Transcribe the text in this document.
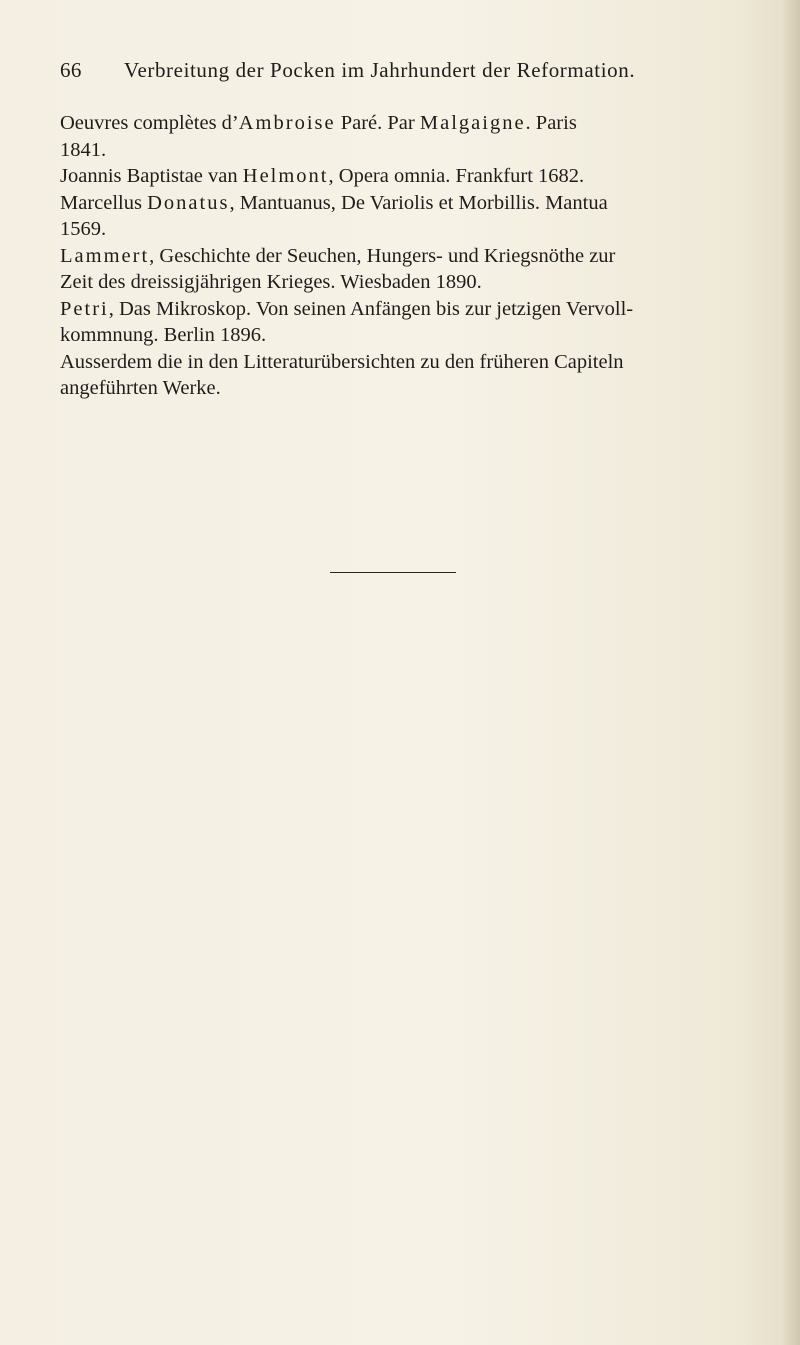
66 Verbreitung der Pocken im Jahrhundert der Reformation.

Oeuvres complètes d’Ambroise Paré. Par Malgaigne. Paris
1841.

Joannis Baptistae van Helmont, Opera omnia. Frankfurt 1682.

Marcellus Donatus, Mantuanus, De Variolis et Morbillis. Mantua
1569.

Lammert, Geschichte der Seuchen, Hungers- und Kriegsnöthe zur
Zeit des dreissigjährigen Krieges. Wiesbaden 1890.

Petri, Das Mikroskop. Von seinen Anfängen bis zur jetzigen Vervoll-
kommnung. Berlin 1896.

Ausserdem die in den Litteraturübersichten zu den früheren Capiteln
angeführten Werke.
